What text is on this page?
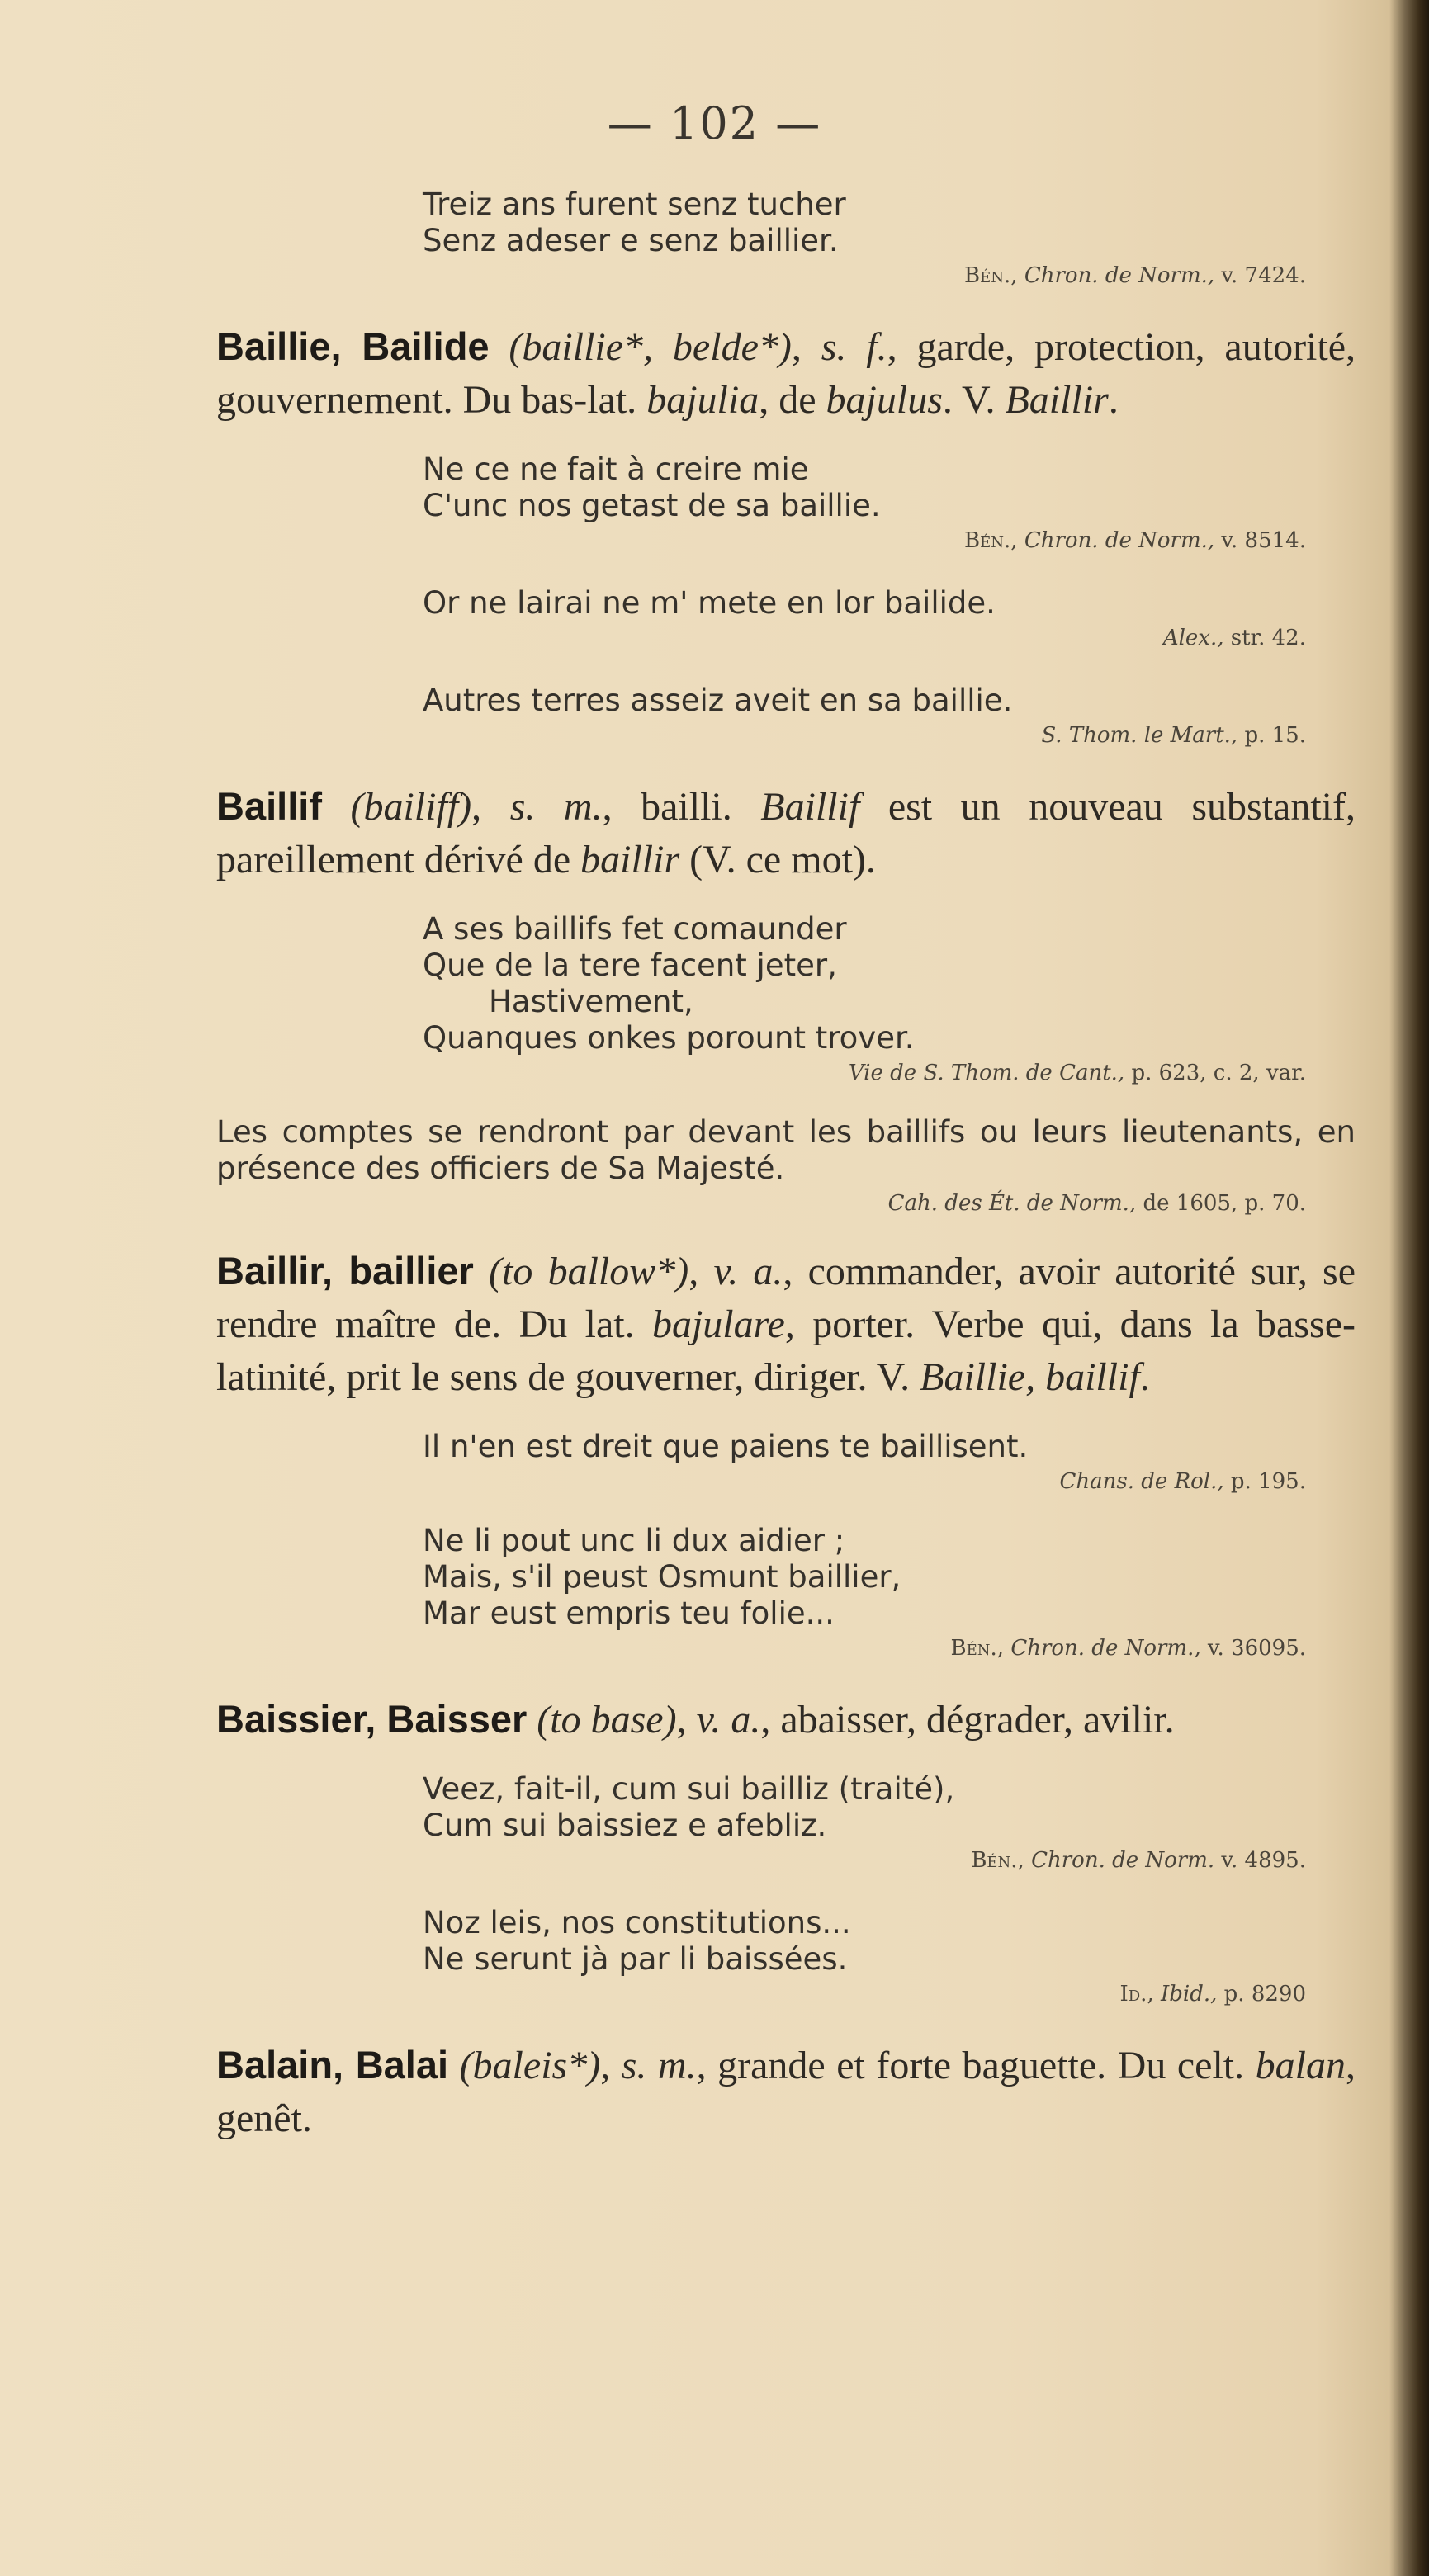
— 102 —
Treiz ans furent senz tucher
Senz adeser e senz baillier.
Bén., Chron. de Norm., v. 7424.

Baillie, Bailide (baillie*, belde*), s. f., garde, protection, autorité, gouvernement. Du bas-lat. bajulia, de bajulus. V. Baillir.

Ne ce ne fait à creire mie
C'unc nos getast de sa baillie.
Bén., Chron. de Norm., v. 8514.
Or ne lairai ne m' mete en lor bailide.
Alex., str. 42.
Autres terres asseiz aveit en sa baillie.
S. Thom. le Mart., p. 15.

Baillif (bailiff), s. m., bailli. Baillif est un nouveau substantif, pareillement dérivé de baillir (V. ce mot).

A ses baillifs fet comaunder
Que de la tere facent jeter,
Hastivement,
Quanques onkes porount trover.
Vie de S. Thom. de Cant., p. 623, c. 2, var.

Les comptes se rendront par devant les baillifs ou leurs lieutenants, en présence des officiers de Sa Majesté.

Cah. des Ét. de Norm., de 1605, p. 70.

Baillir, baillier (to ballow*), v. a., commander, avoir autorité sur, se rendre maître de. Du lat. bajulare, porter. Verbe qui, dans la basse-latinité, prit le sens de gouverner, diriger. V. Baillie, baillif.

Il n'en est dreit que paiens te baillisent.
Chans. de Rol., p. 195.
Ne li pout unc li dux aidier ;
Mais, s'il peust Osmunt baillier,
Mar eust empris teu folie...
Bén., Chron. de Norm., v. 36095.

Baissier, Baisser (to base), v. a., abaisser, dégrader, avilir.

Veez, fait-il, cum sui bailliz (traité),
Cum sui baissiez e afebliz.
Bén., Chron. de Norm. v. 4895.
Noz leis, nos constitutions...
Ne serunt jà par li baissées.
Id., Ibid., p. 8290

Balain, Balai (baleis*), s. m., grande et forte baguette. Du celt. balan, genêt.
